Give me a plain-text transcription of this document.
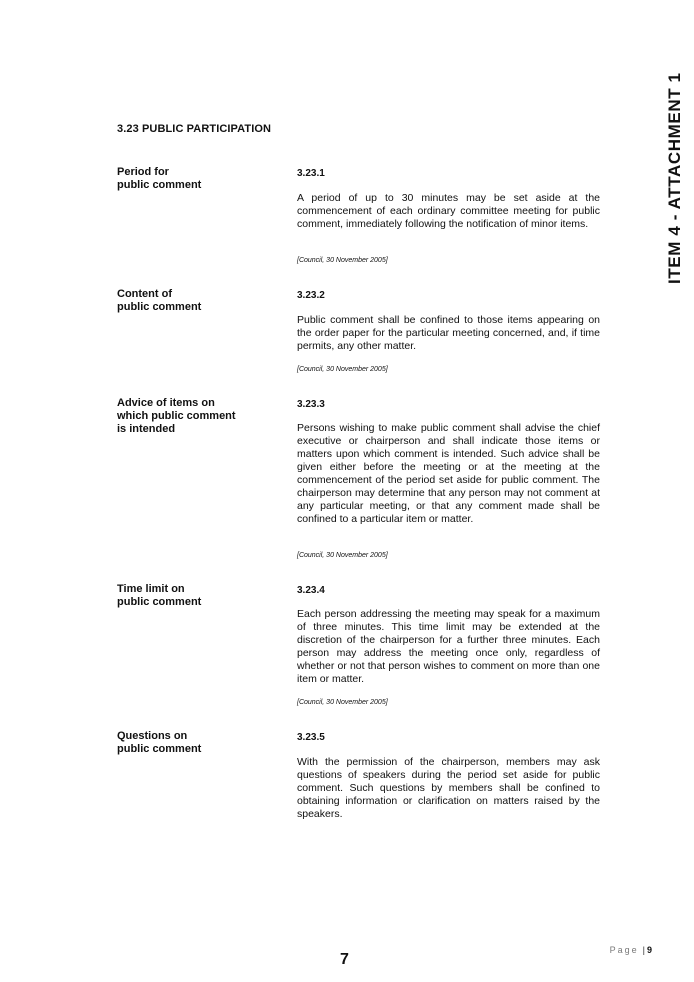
3.23 PUBLIC PARTICIPATION
Period for
public comment
3.23.1
A period of up to 30 minutes may be set aside at the commencement of each ordinary committee meeting for public comment, immediately following the notification of minor items.
[Council, 30 November 2005]
Content of
public comment
3.23.2
Public comment shall be confined to those items appearing on the order paper for the particular meeting concerned, and, if time permits, any other matter.
[Council, 30 November 2005]
Advice of items on
which public comment
is intended
3.23.3
Persons wishing to make public comment shall advise the chief executive or chairperson and shall indicate those items or matters upon which comment is intended. Such advice shall be given either before the meeting or at the meeting at the commencement of the period set aside for public comment. The chairperson may determine that any person may not comment at any particular meeting, or that any comment made shall be confined to a particular item or matter.
[Council, 30 November 2005]
Time limit on
public comment
3.23.4
Each person addressing the meeting may speak for a maximum of three minutes. This time limit may be extended at the discretion of the chairperson for a further three minutes. Each person may address the meeting once only, regardless of whether or not that person wishes to comment on more than one item or matter.
[Council, 30 November 2005]
Questions on
public comment
3.23.5
With the permission of the chairperson, members may ask questions of speakers during the period set aside for public comment. Such questions by members shall be confined to obtaining information or clarification on matters raised by the speakers.
ITEM 4 - ATTACHMENT 1
Page | 9
7
